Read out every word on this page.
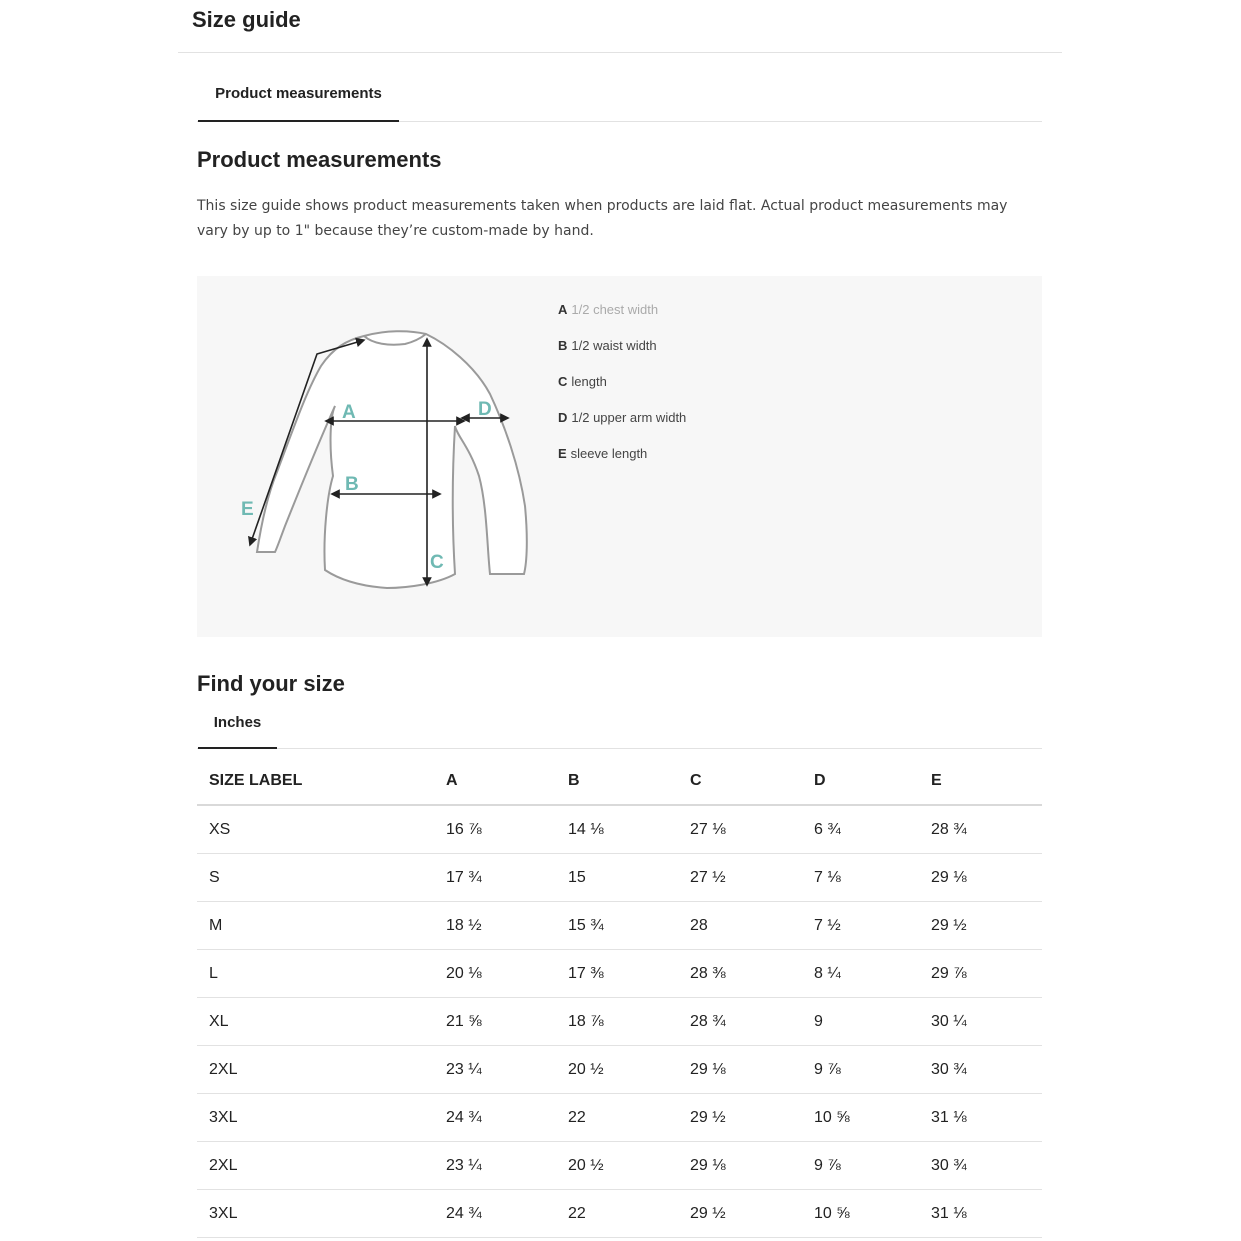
Size guide
Product measurements
Product measurements

This size guide shows product measurements taken when products are laid flat. Actual product measurements may vary by up to 1" because they’re custom-made by hand.

A
B
C
D
E
A 1/2 chest width
B 1/2 waist width
C length
D 1/2 upper arm width
E sleeve length
Find your size
Inches
SIZE LABEL	A	B	C	D	E
XS	16 ⅞	14 ⅛	27 ⅛	6 ¾	28 ¾
S	17 ¾	15	27 ½	7 ⅛	29 ⅛
M	18 ½	15 ¾	28	7 ½	29 ½
L	20 ⅛	17 ⅜	28 ⅜	8 ¼	29 ⅞
XL	21 ⅝	18 ⅞	28 ¾	9	30 ¼
2XL	23 ¼	20 ½	29 ⅛	9 ⅞	30 ¾
3XL	24 ¾	22	29 ½	10 ⅝	31 ⅛
2XL	23 ¼	20 ½	29 ⅛	9 ⅞	30 ¾
3XL	24 ¾	22	29 ½	10 ⅝	31 ⅛
